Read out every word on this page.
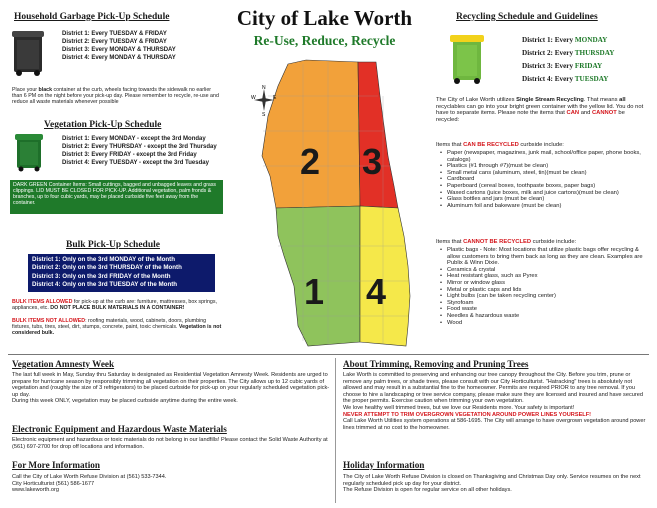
City of Lake Worth
Re-Use, Reduce, Recycle
Household Garbage Pick-Up Schedule
District 1: Every TUESDAY & FRIDAY
District 2: Every TUESDAY & FRIDAY
District 3: Every MONDAY & THURSDAY
District 4: Every MONDAY & THURSDAY
Place your black container at the curb, wheels facing towards the sidewalk no earlier than 6 PM on the night before your pick-up day. Please remember to recycle, re-use and reduce all waste materials whenever possible
Vegetation Pick-Up Schedule
District 1: Every MONDAY - except the 3rd Monday
District 2: Every THURSDAY - except the 3rd Thursday
District 3: Every FRIDAY - except the 3rd Friday
District 4: Every TUESDAY - except the 3rd Tuesday
DARK GREEN Container Items: Small cuttings, bagged and unbagged leaves and grass clippings. LID MUST BE CLOSED FOR PICK-UP. Additional vegetation, palm fronds & branches, up to four cubic yards, may be placed curbside five feet away from the container.
Bulk Pick-Up Schedule
District 1: Only on the 3rd MONDAY of the Month
District 2: Only on the 3rd THURSDAY of the Month
District 3: Only on the 3rd FRIDAY of the Month
District 4: Only on the 3rd TUESDAY of the Month
BULK ITEMS ALLOWED for pick-up at the curb are: furniture, mattresses, box springs, appliances, etc. DO NOT PLACE BULK MATERIALS IN A CONTAINER!
BULK ITEMS NOT ALLOWED: roofing materials, wood, cabinets, doors, plumbing fixtures, tubs, tires, steel, dirt, stumps, concrete, paint, toxic chemicals. Vegetation is not considered bulk.
2 3
1 4
N
S
W	E
Recycling Schedule and Guidelines
District 1: Every MONDAY
District 2: Every THURSDAY
District 3: Every FRIDAY
District 4: Every TUESDAY
The City of Lake Worth utilizes Single Stream Recycling. That means all recyclables can go into your bright green container with the yellow lid. You do not have to separate items. Please note the items that CAN and CANNOT be recycled:
Items that CAN BE RECYCLED curbside include:
• Paper (newspaper, magazines, junk mail, school/office paper, phone books, catalogs)
• Plastics (#1 through #7)(must be clean)
• Small metal cans (aluminum, steel, tin)(must be clean)
• Cardboard
• Paperboard (cereal boxes, toothpaste boxes, paper bags)
• Waxed cartons (juice boxes, milk and juice cartons)(must be clean)
• Glass bottles and jars (must be clean)
• Aluminum foil and bakeware (must be clean)
Items that CANNOT BE RECYCLED curbside include:
• Plastic bags - Note: Most locations that utilize plastic bags offer recycling & allow customers to bring them back as long as they are clean. Examples are Publix & Winn Dixie.
• Ceramics & crystal
• Heat resistant glass, such as Pyrex
• Mirror or window glass
• Metal or plastic caps and lids
• Light bulbs (can be taken recycling center)
• Styrofoam
• Food waste
• Needles & hazardous waste
• Wood
Vegetation Amnesty Week
The last full week in May, Sunday thru Saturday is designated as Residential Vegetation Amnesty Week. Residents are urged to prepare for hurricane season by responsibly trimming all vegetation on their properties. The City allows up to 12 cubic yards of vegetation and (roughly the size of 3 refrigerators) to be placed curbside for pick-up on your regularly scheduled vegetation pick-up day.
During this week ONLY, vegetation may be placed curbside anytime during the entire week.
Electronic Equipment and Hazardous Waste Materials
Electronic equipment and hazardous or toxic materials do not belong in our landfills! Please contact the Solid Waste Authority at (561) 697-2700 for drop off locations and information.
For More Information
Call the City of Lake Worth Refuse Division at (561) 533-7344.
City Horticulturist (561) 586-1677
www.lakeworth.org
About Trimming, Removing and Pruning Trees
Lake Worth is committed to preserving and enhancing our tree canopy throughout the City. Before you trim, prune or remove any palm trees, or shade trees, please consult with our City Horticulturist. "Hatracking" trees is absolutely not allowed and may result in a substantial fine to the homeowner. Permits are required PRIOR to any tree removal. If you choose to hire a landscaping or tree service company, please make sure they are licensed and insured and have secured the proper permits. Exercise caution when trimming your own vegetation.
We love healthy well trimmed trees, but we love our Residents more. Your safety is important!
NEVER ATTEMPT TO TRIM OVERGROWN VEGETATION AROUND POWER LINES YOURSELF!
Call Lake Worth Utilities system operations at 586-1695. The City will arrange to have overgrown vegetation around power lines trimmed at no cost to the homeowner.
Holiday Information
The City of Lake Worth Refuse Division is closed on Thanksgiving and Christmas Day only. Service resumes on the next regularly scheduled pick up day for your district.
The Refuse Division is open for regular service on all other holidays.
